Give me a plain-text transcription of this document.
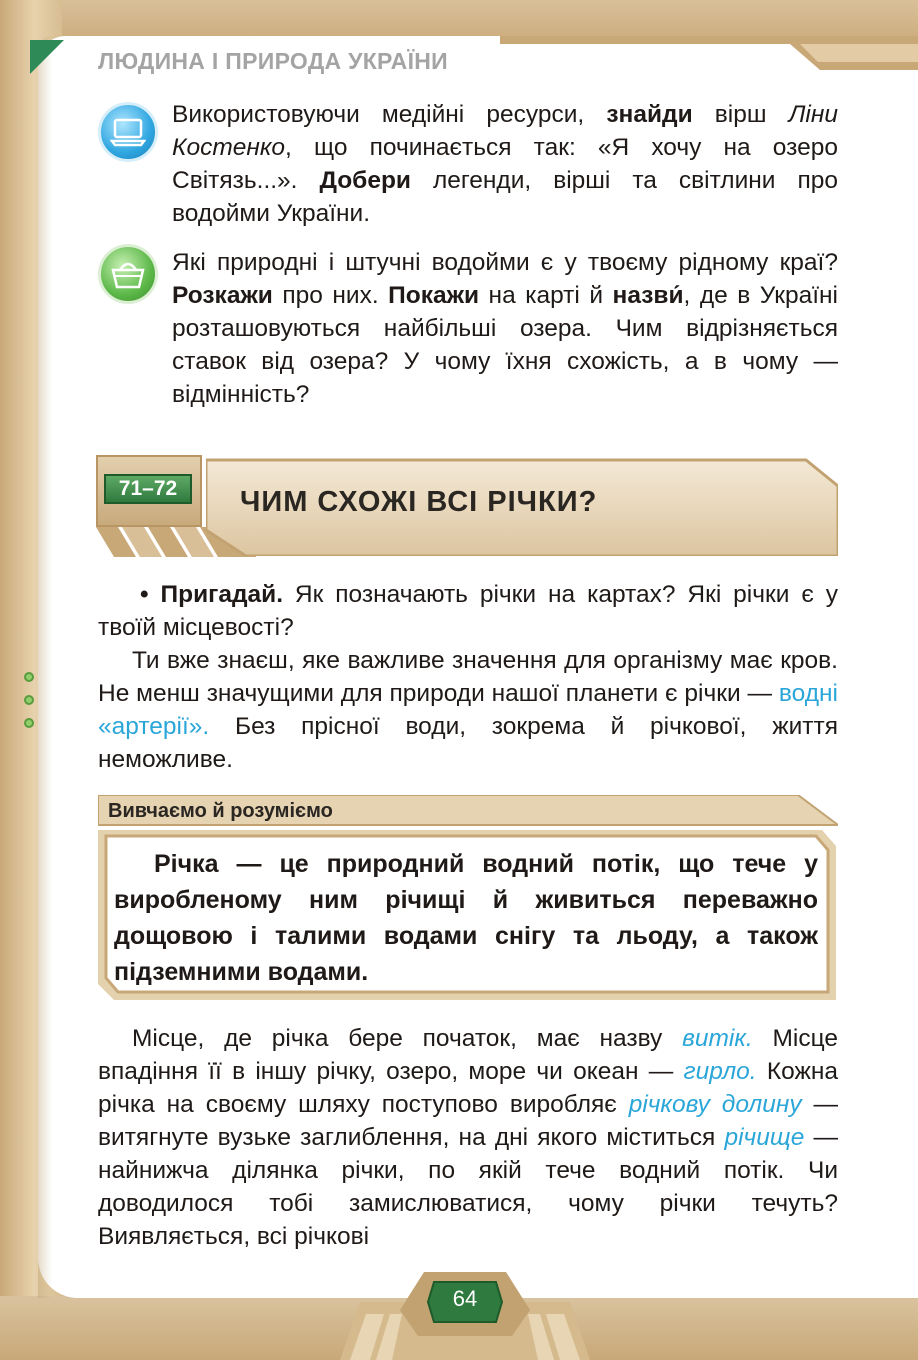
ЛЮДИНА І ПРИРОДА УКРАЇНИ

Використовуючи медійні ресурси, знайди вірш Ліни Костенко, що починається так: «Я хочу на озеро Світязь...». Добери легенди, вірші та світлини про водойми України.

Які природні і штучні водойми є у твоєму рідному краї? Розкажи про них. Покажи на карті й назви́, де в Україні розташовуються найбільші озера. Чим відрізняється ставок від озера? У чому їхня схожість, а в чому — відмінність?

71–72	ЧИМ СХОЖІ ВСІ РІЧКИ?

• Пригадай. Як позначають річки на картах? Які річки є у твоїй місцевості?

Ти вже знаєш, яке важливе значення для організму має кров. Не менш значущими для природи нашої планети є річки — водні «артерії». Без прісної води, зокрема й річкової, життя неможливе.

Вивчаємо й розуміємо

Річка — це природний водний потік, що тече у виробленому ним річищі й живиться переважно дощовою і талими водами снігу та льоду, а також підземними водами.

Місце, де річка бере початок, має назву витік. Місце впадіння її в іншу річку, озеро, море чи океан — гирло. Кожна річка на своєму шляху поступово виробляє річкову долину — витягнуте вузьке заглиблення, на дні якого міститься річище — найнижча ділянка річки, по якій тече водний потік. Чи доводилося тобі замислюватися, чому річки течуть? Виявляється, всі річкові

64
